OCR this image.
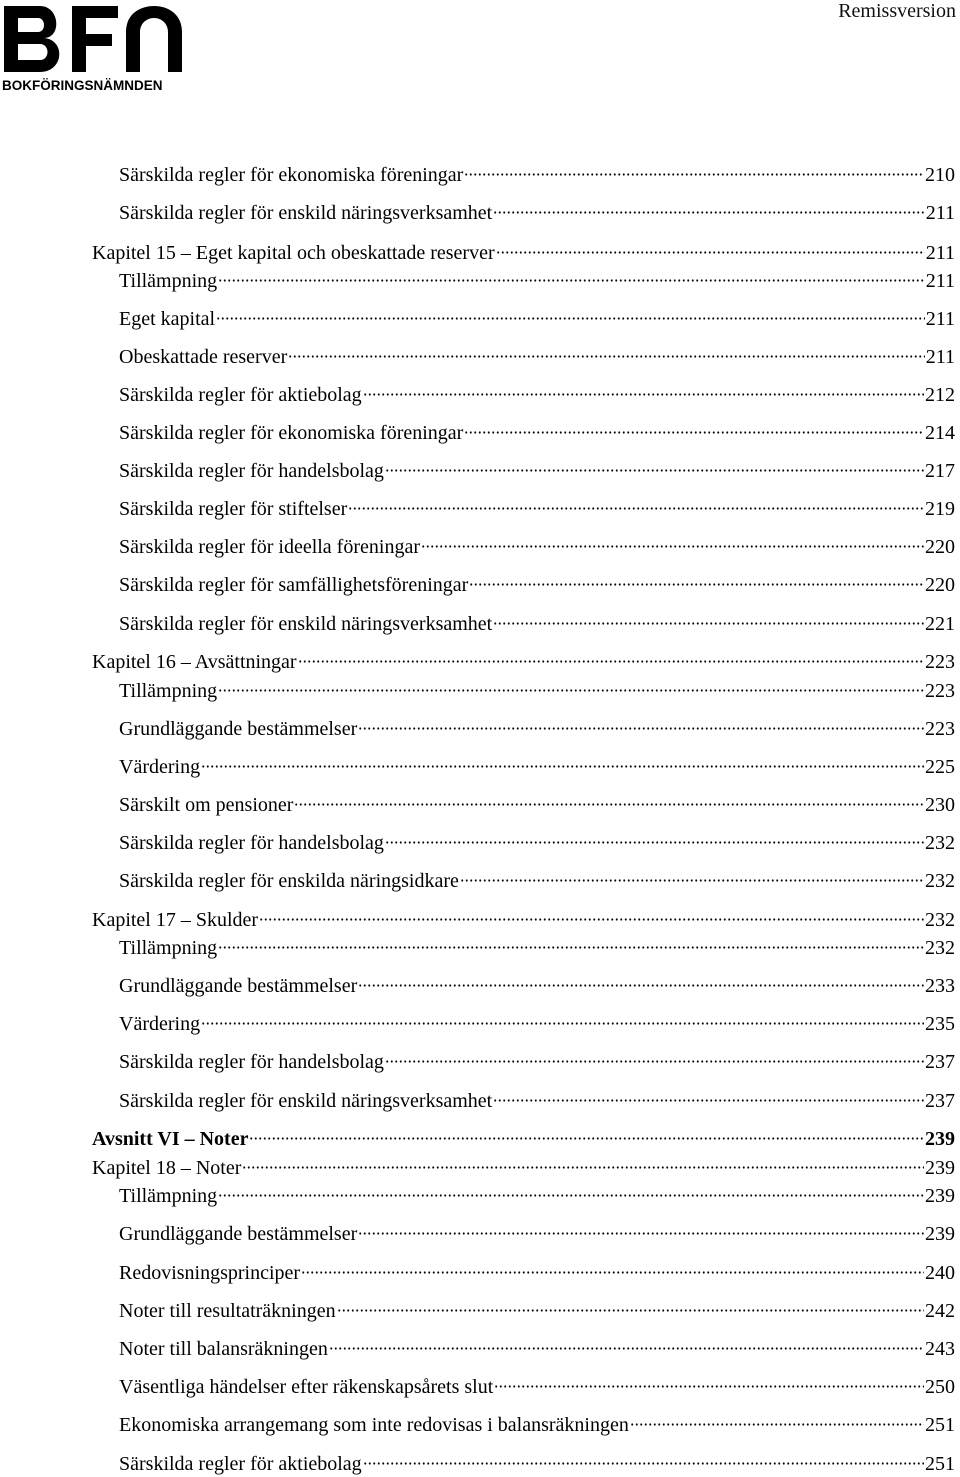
BOKFÖRINGSNÄMNDEN
Remissversion
Särskilda regler för ekonomiska föreningar	210
Särskilda regler för enskild näringsverksamhet	211
Kapitel 15 – Eget kapital och obeskattade reserver	211
Tillämpning	211
Eget kapital	211
Obeskattade reserver	211
Särskilda regler för aktiebolag	212
Särskilda regler för ekonomiska föreningar	214
Särskilda regler för handelsbolag	217
Särskilda regler för stiftelser	219
Särskilda regler för ideella föreningar	220
Särskilda regler för samfällighetsföreningar	220
Särskilda regler för enskild näringsverksamhet	221
Kapitel 16 – Avsättningar	223
Tillämpning	223
Grundläggande bestämmelser	223
Värdering	225
Särskilt om pensioner	230
Särskilda regler för handelsbolag	232
Särskilda regler för enskilda näringsidkare	232
Kapitel 17 – Skulder	232
Tillämpning	232
Grundläggande bestämmelser	233
Värdering	235
Särskilda regler för handelsbolag	237
Särskilda regler för enskild näringsverksamhet	237
Avsnitt VI – Noter	239
Kapitel 18 – Noter	239
Tillämpning	239
Grundläggande bestämmelser	239
Redovisningsprinciper	240
Noter till resultaträkningen	242
Noter till balansräkningen	243
Väsentliga händelser efter räkenskapsårets slut	250
Ekonomiska arrangemang som inte redovisas i balansräkningen	251
Särskilda regler för aktiebolag	251
